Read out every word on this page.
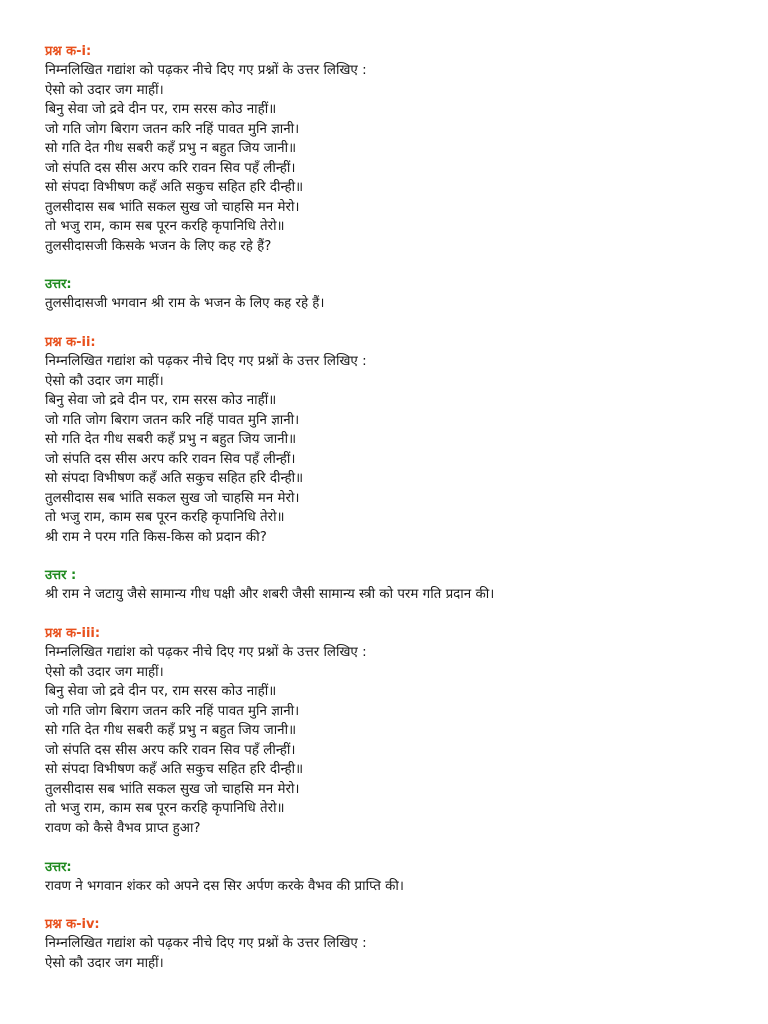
प्रश्न क-i:
निम्नलिखित गद्यांश को पढ़कर नीचे दिए गए प्रश्नों के उत्तर लिखिए :
ऐसो को उदार जग माहीं।
बिनु सेवा जो द्रवे दीन पर, राम सरस कोउ नाहीं॥
जो गति जोग बिराग जतन करि नहिं पावत मुनि ज्ञानी।
सो गति देत गीध सबरी कहँ प्रभु न बहुत जिय जानी॥
जो संपति दस सीस अरप करि रावन सिव पहँ लीन्हीं।
सो संपदा विभीषण कहँ अति सकुच सहित हरि दीन्ही॥
तुलसीदास सब भांति सकल सुख जो चाहसि मन मेरो।
तो भजु राम, काम सब पूरन करहि कृपानिधि तेरो॥
तुलसीदासजी किसके भजन के लिए कह रहे हैं?
उत्तर:
तुलसीदासजी भगवान श्री राम के भजन के लिए कह रहे हैं।
प्रश्न क-ii:
निम्नलिखित गद्यांश को पढ़कर नीचे दिए गए प्रश्नों के उत्तर लिखिए :
ऐसो कौ उदार जग माहीं।
बिनु सेवा जो द्रवे दीन पर, राम सरस कोउ नाहीं॥
जो गति जोग बिराग जतन करि नहिं पावत मुनि ज्ञानी।
सो गति देत गीध सबरी कहँ प्रभु न बहुत जिय जानी॥
जो संपति दस सीस अरप करि रावन सिव पहँ लीन्हीं।
सो संपदा विभीषण कहँ अति सकुच सहित हरि दीन्ही॥
तुलसीदास सब भांति सकल सुख जो चाहसि मन मेरो।
तो भजु राम, काम सब पूरन करहि कृपानिधि तेरो॥
श्री राम ने परम गति किस-किस को प्रदान की?
उत्तर :
श्री राम ने जटायु जैसे सामान्य गीध पक्षी और शबरी जैसी सामान्य स्त्री को परम गति प्रदान की।
प्रश्न क-iii:
निम्नलिखित गद्यांश को पढ़कर नीचे दिए गए प्रश्नों के उत्तर लिखिए :
ऐसो कौ उदार जग माहीं।
बिनु सेवा जो द्रवे दीन पर, राम सरस कोउ नाहीं॥
जो गति जोग बिराग जतन करि नहिं पावत मुनि ज्ञानी।
सो गति देत गीध सबरी कहँ प्रभु न बहुत जिय जानी॥
जो संपति दस सीस अरप करि रावन सिव पहँ लीन्हीं।
सो संपदा विभीषण कहँ अति सकुच सहित हरि दीन्ही॥
तुलसीदास सब भांति सकल सुख जो चाहसि मन मेरो।
तो भजु राम, काम सब पूरन करहि कृपानिधि तेरो॥
रावण को कैसे वैभव प्राप्त हुआ?
उत्तर:
रावण ने भगवान शंकर को अपने दस सिर अर्पण करके वैभव की प्राप्ति की।
प्रश्न क-iv:
निम्नलिखित गद्यांश को पढ़कर नीचे दिए गए प्रश्नों के उत्तर लिखिए :
ऐसो कौ उदार जग माहीं।
